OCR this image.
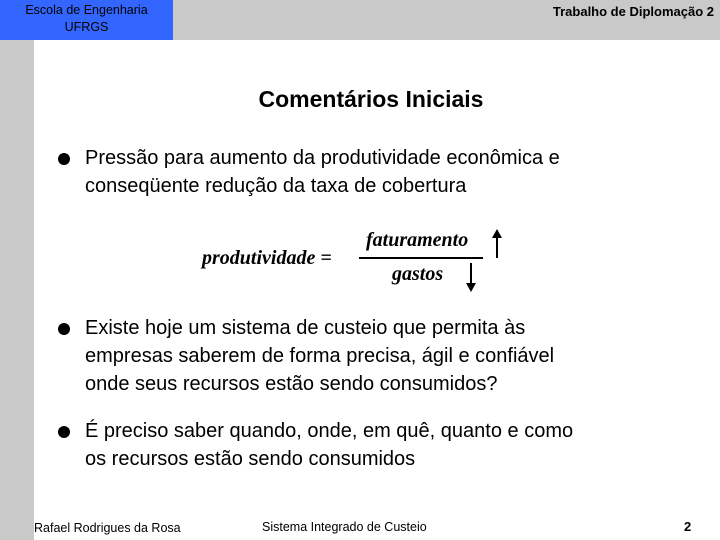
Escola de Engenharia
UFRGS
Trabalho de Diplomação 2
Comentários Iniciais
Pressão para aumento da produtividade econômica e
conseqüente redução da taxa de cobertura
produtividade =
faturamento
gastos
Existe hoje um sistema de custeio que permita às
empresas saberem de forma precisa, ágil e confiável
onde seus recursos estão sendo consumidos?
É preciso saber quando, onde, em quê, quanto e como
os recursos estão sendo consumidos
Rafael Rodrigues da Rosa	Sistema Integrado de Custeio	2
